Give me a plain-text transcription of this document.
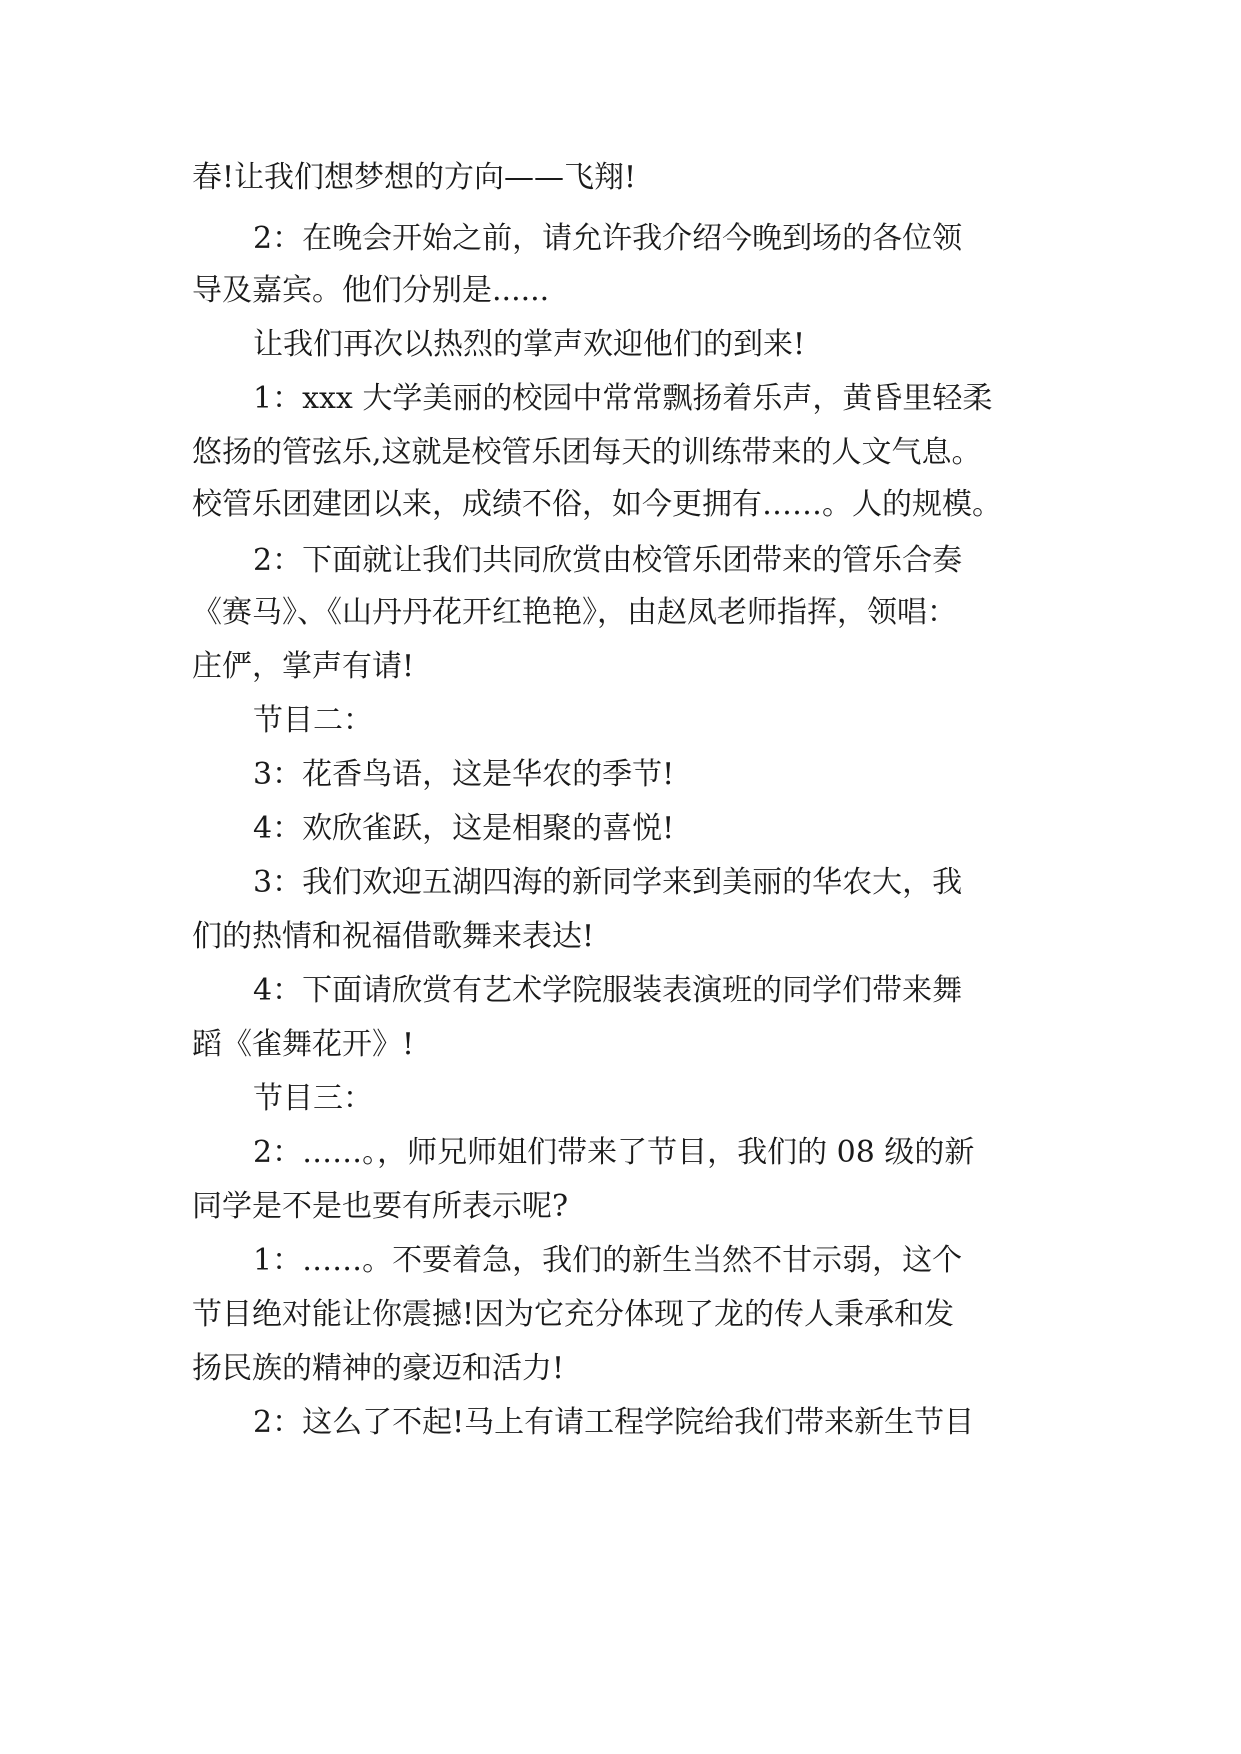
春!让我们想梦想的方向——飞翔!
2：在晚会开始之前，请允许我介绍今晚到场的各位领
导及嘉宾。他们分别是......
让我们再次以热烈的掌声欢迎他们的到来!
1：xxx 大学美丽的校园中常常飘扬着乐声，黄昏里轻柔
悠扬的管弦乐,这就是校管乐团每天的训练带来的人文气息。
校管乐团建团以来，成绩不俗，如今更拥有……。人的规模。
2：下面就让我们共同欣赏由校管乐团带来的管乐合奏
《赛马》、《山丹丹花开红艳艳》，由赵凤老师指挥，领唱：
庄俨，掌声有请!
节目二：
3：花香鸟语，这是华农的季节!
4：欢欣雀跃，这是相聚的喜悦!
3：我们欢迎五湖四海的新同学来到美丽的华农大，我
们的热情和祝福借歌舞来表达!
4：下面请欣赏有艺术学院服装表演班的同学们带来舞
蹈《雀舞花开》!
节目三：
2：……。，师兄师姐们带来了节目，我们的 08 级的新
同学是不是也要有所表示呢?
1：……。不要着急，我们的新生当然不甘示弱，这个
节目绝对能让你震撼!因为它充分体现了龙的传人秉承和发
扬民族的精神的豪迈和活力!
2：这么了不起!马上有请工程学院给我们带来新生节目
